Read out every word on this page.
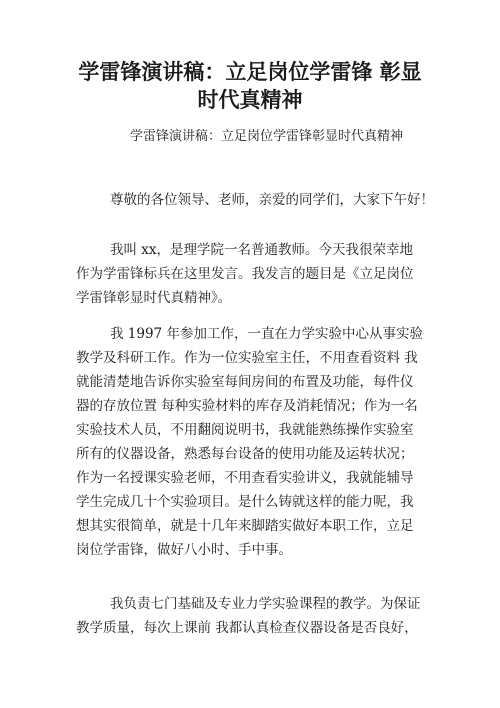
学雷锋演讲稿：立足岗位学雷锋 彰显
时代真精神

学雷锋演讲稿：立足岗位学雷锋彰显时代真精神

尊敬的各位领导、老师，亲爱的同学们，大家下午好！

我叫 xx，是理学院一名普通教师。今天我很荣幸地
作为学雷锋标兵在这里发言。我发言的题目是《立足岗位
学雷锋彰显时代真精神》。

我 1997 年参加工作，一直在力学实验中心从事实验
教学及科研工作。作为一位实验室主任，不用查看资料 我
就能清楚地告诉你实验室每间房间的布置及功能，每件仪
器的存放位置 每种实验材料的库存及消耗情况；作为一名
实验技术人员，不用翻阅说明书，我就能熟练操作实验室
所有的仪器设备，熟悉每台设备的使用功能及运转状况；
作为一名授课实验老师，不用查看实验讲义，我就能辅导
学生完成几十个实验项目。是什么铸就这样的能力呢，我
想其实很简单，就是十几年来脚踏实做好本职工作，立足
岗位学雷锋，做好八小时、手中事。

我负责七门基础及专业力学实验课程的教学。为保证
教学质量，每次上课前 我都认真检查仪器设备是否良好，
